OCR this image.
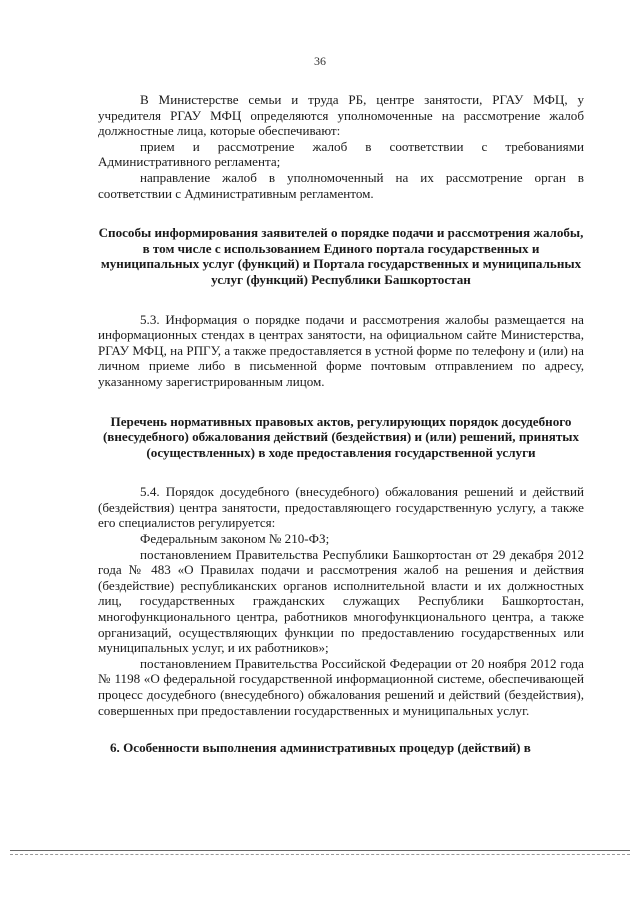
36

В Министерстве семьи и труда РБ, центре занятости, РГАУ МФЦ, у учредителя РГАУ МФЦ определяются уполномоченные на рассмотрение жалоб должностные лица, которые обеспечивают:

прием и рассмотрение жалоб в соответствии с требованиями Административного регламента;

направление жалоб в уполномоченный на их рассмотрение орган в соответствии с Административным регламентом.

Способы информирования заявителей о порядке подачи и рассмотрения жалобы, в том числе с использованием Единого портала государственных и муниципальных услуг (функций) и Портала государственных и муниципальных услуг (функций) Республики Башкортостан

5.3. Информация о порядке подачи и рассмотрения жалобы размещается на информационных стендах в центрах занятости, на официальном сайте Министерства, РГАУ МФЦ, на РПГУ, а также предоставляется в устной форме по телефону и (или) на личном приеме либо в письменной форме почтовым отправлением по адресу, указанному зарегистрированным лицом.

Перечень нормативных правовых актов, регулирующих порядок досудебного (внесудебного) обжалования действий (бездействия) и (или) решений, принятых (осуществленных) в ходе предоставления государственной услуги

5.4. Порядок досудебного (внесудебного) обжалования решений и действий (бездействия) центра занятости, предоставляющего государственную услугу, а также его специалистов регулируется:

Федеральным законом № 210-ФЗ;

постановлением Правительства Республики Башкортостан от 29 декабря 2012 года № 483 «О Правилах подачи и рассмотрения жалоб на решения и действия (бездействие) республиканских органов исполнительной власти и их должностных лиц, государственных гражданских служащих Республики Башкортостан, многофункционального центра, работников многофункционального центра, а также организаций, осуществляющих функции по предоставлению государственных или муниципальных услуг, и их работников»;

постановлением Правительства Российской Федерации от 20 ноября 2012 года № 1198 «О федеральной государственной информационной системе, обеспечивающей процесс досудебного (внесудебного) обжалования решений и действий (бездействия), совершенных при предоставлении государственных и муниципальных услуг.

6. Особенности выполнения административных процедур (действий) в
